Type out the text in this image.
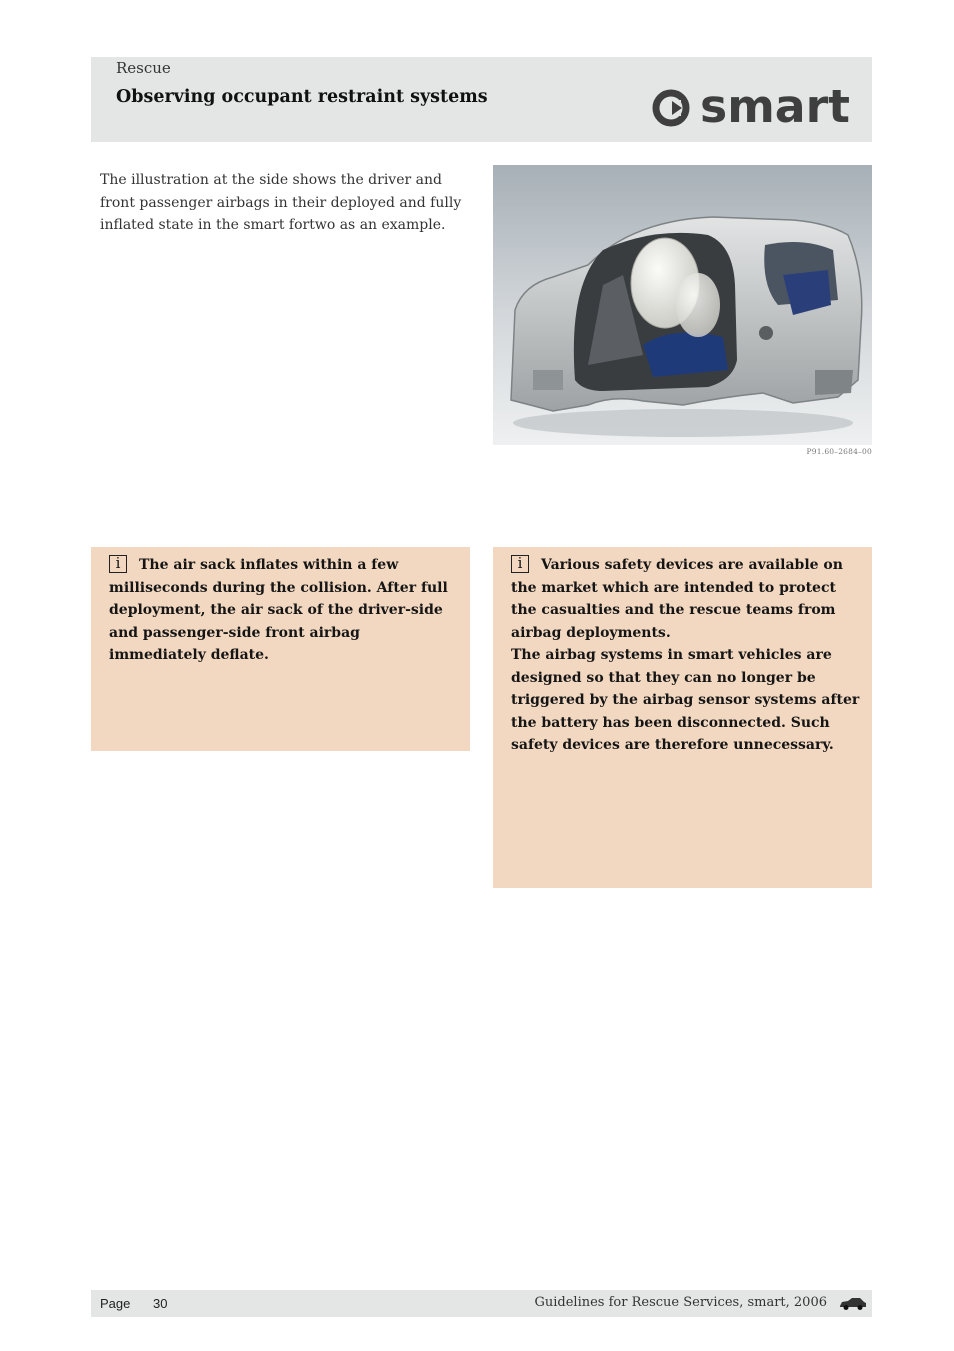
Rescue
Observing occupant restraint systems	smart
The illustration at the side shows the driver and front passenger airbags in their deployed and fully inflated state in the smart fortwo as an example.
P91.60–2684–00
i The air sack inflates within a few milliseconds during the collision. After full deployment, the air sack of the driver-side and passenger-side front airbag immediately deflate.
i Various safety devices are available on the market which are intended to protect the casualties and the rescue teams from airbag deployments.
The airbag systems in smart vehicles are designed so that they can no longer be triggered by the airbag sensor systems after the battery has been disconnected. Such safety devices are therefore unnecessary.
Page 30	Guidelines for Rescue Services, smart, 2006
